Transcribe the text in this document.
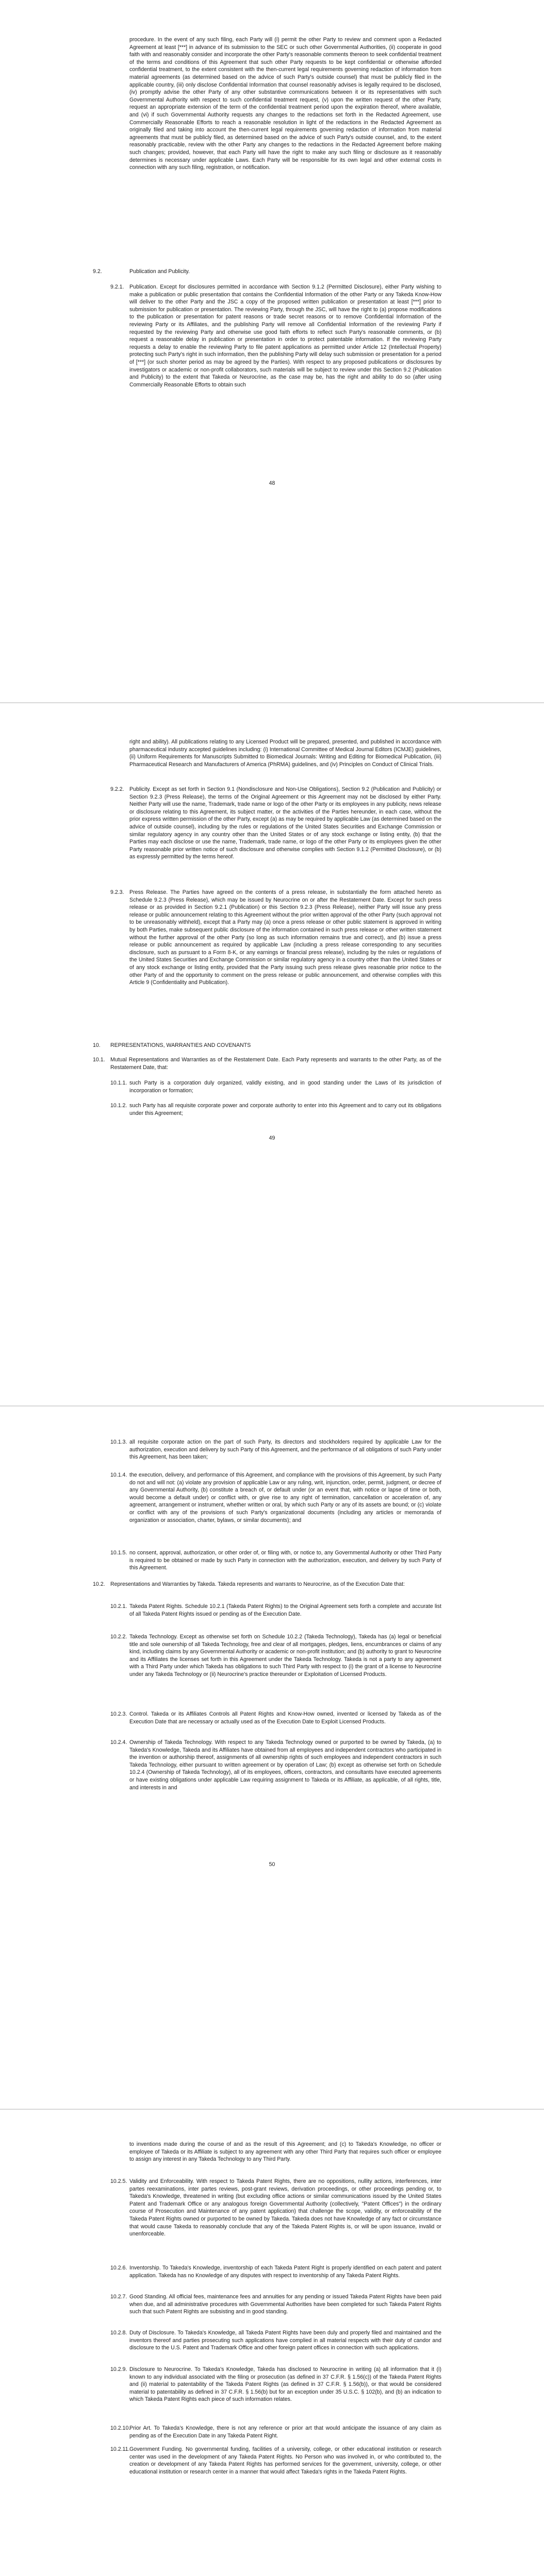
procedure. In the event of any such filing, each Party will (i) permit the other Party to review and comment upon a Redacted Agreement at least [***] in advance of its submission to the SEC or such other Governmental Authorities, (ii) cooperate in good faith with and reasonably consider and incorporate the other Party's reasonable comments thereon to seek confidential treatment of the terms and conditions of this Agreement that such other Party requests to be kept confidential or otherwise afforded confidential treatment, to the extent consistent with the then-current legal requirements governing redaction of information from material agreements (as determined based on the advice of such Party's outside counsel) that must be publicly filed in the applicable country, (iii) only disclose Confidential Information that counsel reasonably advises is legally required to be disclosed, (iv) promptly advise the other Party of any other substantive communications between it or its representatives with such Governmental Authority with respect to such confidential treatment request, (v) upon the written request of the other Party, request an appropriate extension of the term of the confidential treatment period upon the expiration thereof, where available, and (vi) if such Governmental Authority requests any changes to the redactions set forth in the Redacted Agreement, use Commercially Reasonable Efforts to reach a reasonable resolution in light of the redactions in the Redacted Agreement as originally filed and taking into account the then-current legal requirements governing redaction of information from material agreements that must be publicly filed, as determined based on the advice of such Party's outside counsel, and, to the extent reasonably practicable, review with the other Party any changes to the redactions in the Redacted Agreement before making such changes; provided, however, that each Party will have the right to make any such filing or disclosure as it reasonably determines is necessary under applicable Laws. Each Party will be responsible for its own legal and other external costs in connection with any such filing, registration, or notification.
9.2.	Publication and Publicity.
9.2.1. Publication. Except for disclosures permitted in accordance with Section 9.1.2 (Permitted Disclosure), either Party wishing to make a publication or public presentation that contains the Confidential Information of the other Party or any Takeda Know-How will deliver to the other Party and the JSC a copy of the proposed written publication or presentation at least [***] prior to submission for publication or presentation. The reviewing Party, through the JSC, will have the right to (a) propose modifications to the publication or presentation for patent reasons or trade secret reasons or to remove Confidential Information of the reviewing Party or its Affiliates, and the publishing Party will remove all Confidential Information of the reviewing Party if requested by the reviewing Party and otherwise use good faith efforts to reflect such Party's reasonable comments, or (b) request a reasonable delay in publication or presentation in order to protect patentable information. If the reviewing Party requests a delay to enable the reviewing Party to file patent applications as permitted under Article 12 (Intellectual Property) protecting such Party's right in such information, then the publishing Party will delay such submission or presentation for a period of [***] (or such shorter period as may be agreed by the Parties). With respect to any proposed publications or disclosures by investigators or academic or non-profit collaborators, such materials will be subject to review under this Section 9.2 (Publication and Publicity) to the extent that Takeda or Neurocrine, as the case may be, has the right and ability to do so (after using Commercially Reasonable Efforts to obtain such
48
right and ability). All publications relating to any Licensed Product will be prepared, presented, and published in accordance with pharmaceutical industry accepted guidelines including: (i) International Committee of Medical Journal Editors (ICMJE) guidelines, (ii) Uniform Requirements for Manuscripts Submitted to Biomedical Journals: Writing and Editing for Biomedical Publication, (iii) Pharmaceutical Research and Manufacturers of America (PhRMA) guidelines, and (iv) Principles on Conduct of Clinical Trials.
9.2.2. Publicity. Except as set forth in Section 9.1 (Nondisclosure and Non-Use Obligations), Section 9.2 (Publication and Publicity) or Section 9.2.3 (Press Release), the terms of the Original Agreement or this Agreement may not be disclosed by either Party. Neither Party will use the name, Trademark, trade name or logo of the other Party or its employees in any publicity, news release or disclosure relating to this Agreement, its subject matter, or the activities of the Parties hereunder, in each case, without the prior express written permission of the other Party, except (a) as may be required by applicable Law (as determined based on the advice of outside counsel), including by the rules or regulations of the United States Securities and Exchange Commission or similar regulatory agency in any country other than the United States or of any stock exchange or listing entity, (b) that the Parties may each disclose or use the name, Trademark, trade name, or logo of the other Party or its employees given the other Party reasonable prior written notice of such disclosure and otherwise complies with Section 9.1.2 (Permitted Disclosure), or (b) as expressly permitted by the terms hereof.
9.2.3. Press Release. The Parties have agreed on the contents of a press release, in substantially the form attached hereto as Schedule 9.2.3 (Press Release), which may be issued by Neurocrine on or after the Restatement Date. Except for such press release or as provided in Section 9.2.1 (Publication) or this Section 9.2.3 (Press Release), neither Party will issue any press release or public announcement relating to this Agreement without the prior written approval of the other Party (such approval not to be unreasonably withheld), except that a Party may (a) once a press release or other public statement is approved in writing by both Parties, make subsequent public disclosure of the information contained in such press release or other written statement without the further approval of the other Party (so long as such information remains true and correct), and (b) issue a press release or public announcement as required by applicable Law (including a press release corresponding to any securities disclosure, such as pursuant to a Form 8-K, or any earnings or financial press release), including by the rules or regulations of the United States Securities and Exchange Commission or similar regulatory agency in a country other than the United States or of any stock exchange or listing entity, provided that the Party issuing such press release gives reasonable prior notice to the other Party of and the opportunity to comment on the press release or public announcement, and otherwise complies with this Article 9 (Confidentiality and Publication).
10. REPRESENTATIONS, WARRANTIES AND COVENANTS
10.1. Mutual Representations and Warranties as of the Restatement Date. Each Party represents and warrants to the other Party, as of the Restatement Date, that:
10.1.1. such Party is a corporation duly organized, validly existing, and in good standing under the Laws of its jurisdiction of incorporation or formation;
10.1.2. such Party has all requisite corporate power and corporate authority to enter into this Agreement and to carry out its obligations under this Agreement;
49
10.1.3. all requisite corporate action on the part of such Party, its directors and stockholders required by applicable Law for the authorization, execution and delivery by such Party of this Agreement, and the performance of all obligations of such Party under this Agreement, has been taken;
10.1.4. the execution, delivery, and performance of this Agreement, and compliance with the provisions of this Agreement, by such Party do not and will not: (a) violate any provision of applicable Law or any ruling, writ, injunction, order, permit, judgment, or decree of any Governmental Authority, (b) constitute a breach of, or default under (or an event that, with notice or lapse of time or both, would become a default under) or conflict with, or give rise to any right of termination, cancellation or acceleration of, any agreement, arrangement or instrument, whether written or oral, by which such Party or any of its assets are bound; or (c) violate or conflict with any of the provisions of such Party's organizational documents (including any articles or memoranda of organization or association, charter, bylaws, or similar documents); and
10.1.5. no consent, approval, authorization, or other order of, or filing with, or notice to, any Governmental Authority or other Third Party is required to be obtained or made by such Party in connection with the authorization, execution, and delivery by such Party of this Agreement.
10.2. Representations and Warranties by Takeda. Takeda represents and warrants to Neurocrine, as of the Execution Date that:
10.2.1. Takeda Patent Rights. Schedule 10.2.1 (Takeda Patent Rights) to the Original Agreement sets forth a complete and accurate list of all Takeda Patent Rights issued or pending as of the Execution Date.
10.2.2. Takeda Technology. Except as otherwise set forth on Schedule 10.2.2 (Takeda Technology), Takeda has (a) legal or beneficial title and sole ownership of all Takeda Technology, free and clear of all mortgages, pledges, liens, encumbrances or claims of any kind, including claims by any Governmental Authority or academic or non-profit institution; and (b) authority to grant to Neurocrine and its Affiliates the licenses set forth in this Agreement under the Takeda Technology. Takeda is not a party to any agreement with a Third Party under which Takeda has obligations to such Third Party with respect to (i) the grant of a license to Neurocrine under any Takeda Technology or (ii) Neurocrine's practice thereunder or Exploitation of Licensed Products.
10.2.3. Control. Takeda or its Affiliates Controls all Patent Rights and Know-How owned, invented or licensed by Takeda as of the Execution Date that are necessary or actually used as of the Execution Date to Exploit Licensed Products.
10.2.4. Ownership of Takeda Technology. With respect to any Takeda Technology owned or purported to be owned by Takeda, (a) to Takeda's Knowledge, Takeda and its Affiliates have obtained from all employees and independent contractors who participated in the invention or authorship thereof, assignments of all ownership rights of such employees and independent contractors in such Takeda Technology, either pursuant to written agreement or by operation of Law; (b) except as otherwise set forth on Schedule 10.2.4 (Ownership of Takeda Technology), all of its employees, officers, contractors, and consultants have executed agreements or have existing obligations under applicable Law requiring assignment to Takeda or its Affiliate, as applicable, of all rights, title, and interests in and
50
to inventions made during the course of and as the result of this Agreement; and (c) to Takeda's Knowledge, no officer or employee of Takeda or its Affiliate is subject to any agreement with any other Third Party that requires such officer or employee to assign any interest in any Takeda Technology to any Third Party.
10.2.5. Validity and Enforceability. With respect to Takeda Patent Rights, there are no oppositions, nullity actions, interferences, inter partes reexaminations, inter partes reviews, post-grant reviews, derivation proceedings, or other proceedings pending or, to Takeda's Knowledge, threatened in writing (but excluding office actions or similar communications issued by the United States Patent and Trademark Office or any analogous foreign Governmental Authority (collectively, "Patent Offices") in the ordinary course of Prosecution and Maintenance of any patent application) that challenge the scope, validity, or enforceability of the Takeda Patent Rights owned or purported to be owned by Takeda. Takeda does not have Knowledge of any fact or circumstance that would cause Takeda to reasonably conclude that any of the Takeda Patent Rights is, or will be upon issuance, invalid or unenforceable.
10.2.6. Inventorship. To Takeda's Knowledge, inventorship of each Takeda Patent Right is properly identified on each patent and patent application. Takeda has no Knowledge of any disputes with respect to inventorship of any Takeda Patent Rights.
10.2.7. Good Standing. All official fees, maintenance fees and annuities for any pending or issued Takeda Patent Rights have been paid when due, and all administrative procedures with Governmental Authorities have been completed for such Takeda Patent Rights such that such Patent Rights are subsisting and in good standing.
10.2.8. Duty of Disclosure. To Takeda's Knowledge, all Takeda Patent Rights have been duly and properly filed and maintained and the inventors thereof and parties prosecuting such applications have complied in all material respects with their duty of candor and disclosure to the U.S. Patent and Trademark Office and other foreign patent offices in connection with such applications.
10.2.9. Disclosure to Neurocrine. To Takeda's Knowledge, Takeda has disclosed to Neurocrine in writing (a) all information that it (i) known to any individual associated with the filing or prosecution (as defined in 37 C.F.R. § 1.56(c)) of the Takeda Patent Rights and (ii) material to patentability of the Takeda Patent Rights (as defined in 37 C.F.R. § 1.56(b)), or that would be considered material to patentability as defined in 37 C.F.R. § 1.56(b) but for an exception under 35 U.S.C. § 102(b), and (b) an indication to which Takeda Patent Rights each piece of such information relates.
10.2.10.
Prior Art. To Takeda's Knowledge, there is not any reference or prior art that would anticipate the issuance of any claim as pending as of the Execution Date in any Takeda Patent Right.
10.2.11. Government Funding. No governmental funding, facilities of a university, college, or other educational institution or research center was used in the development of any Takeda Patent Rights. No Person who was involved in, or who contributed to, the creation or development of any Takeda Patent Rights has performed services for the government, university, college, or other educational institution or research center in a manner that would affect Takeda's rights in the Takeda Patent Rights.
